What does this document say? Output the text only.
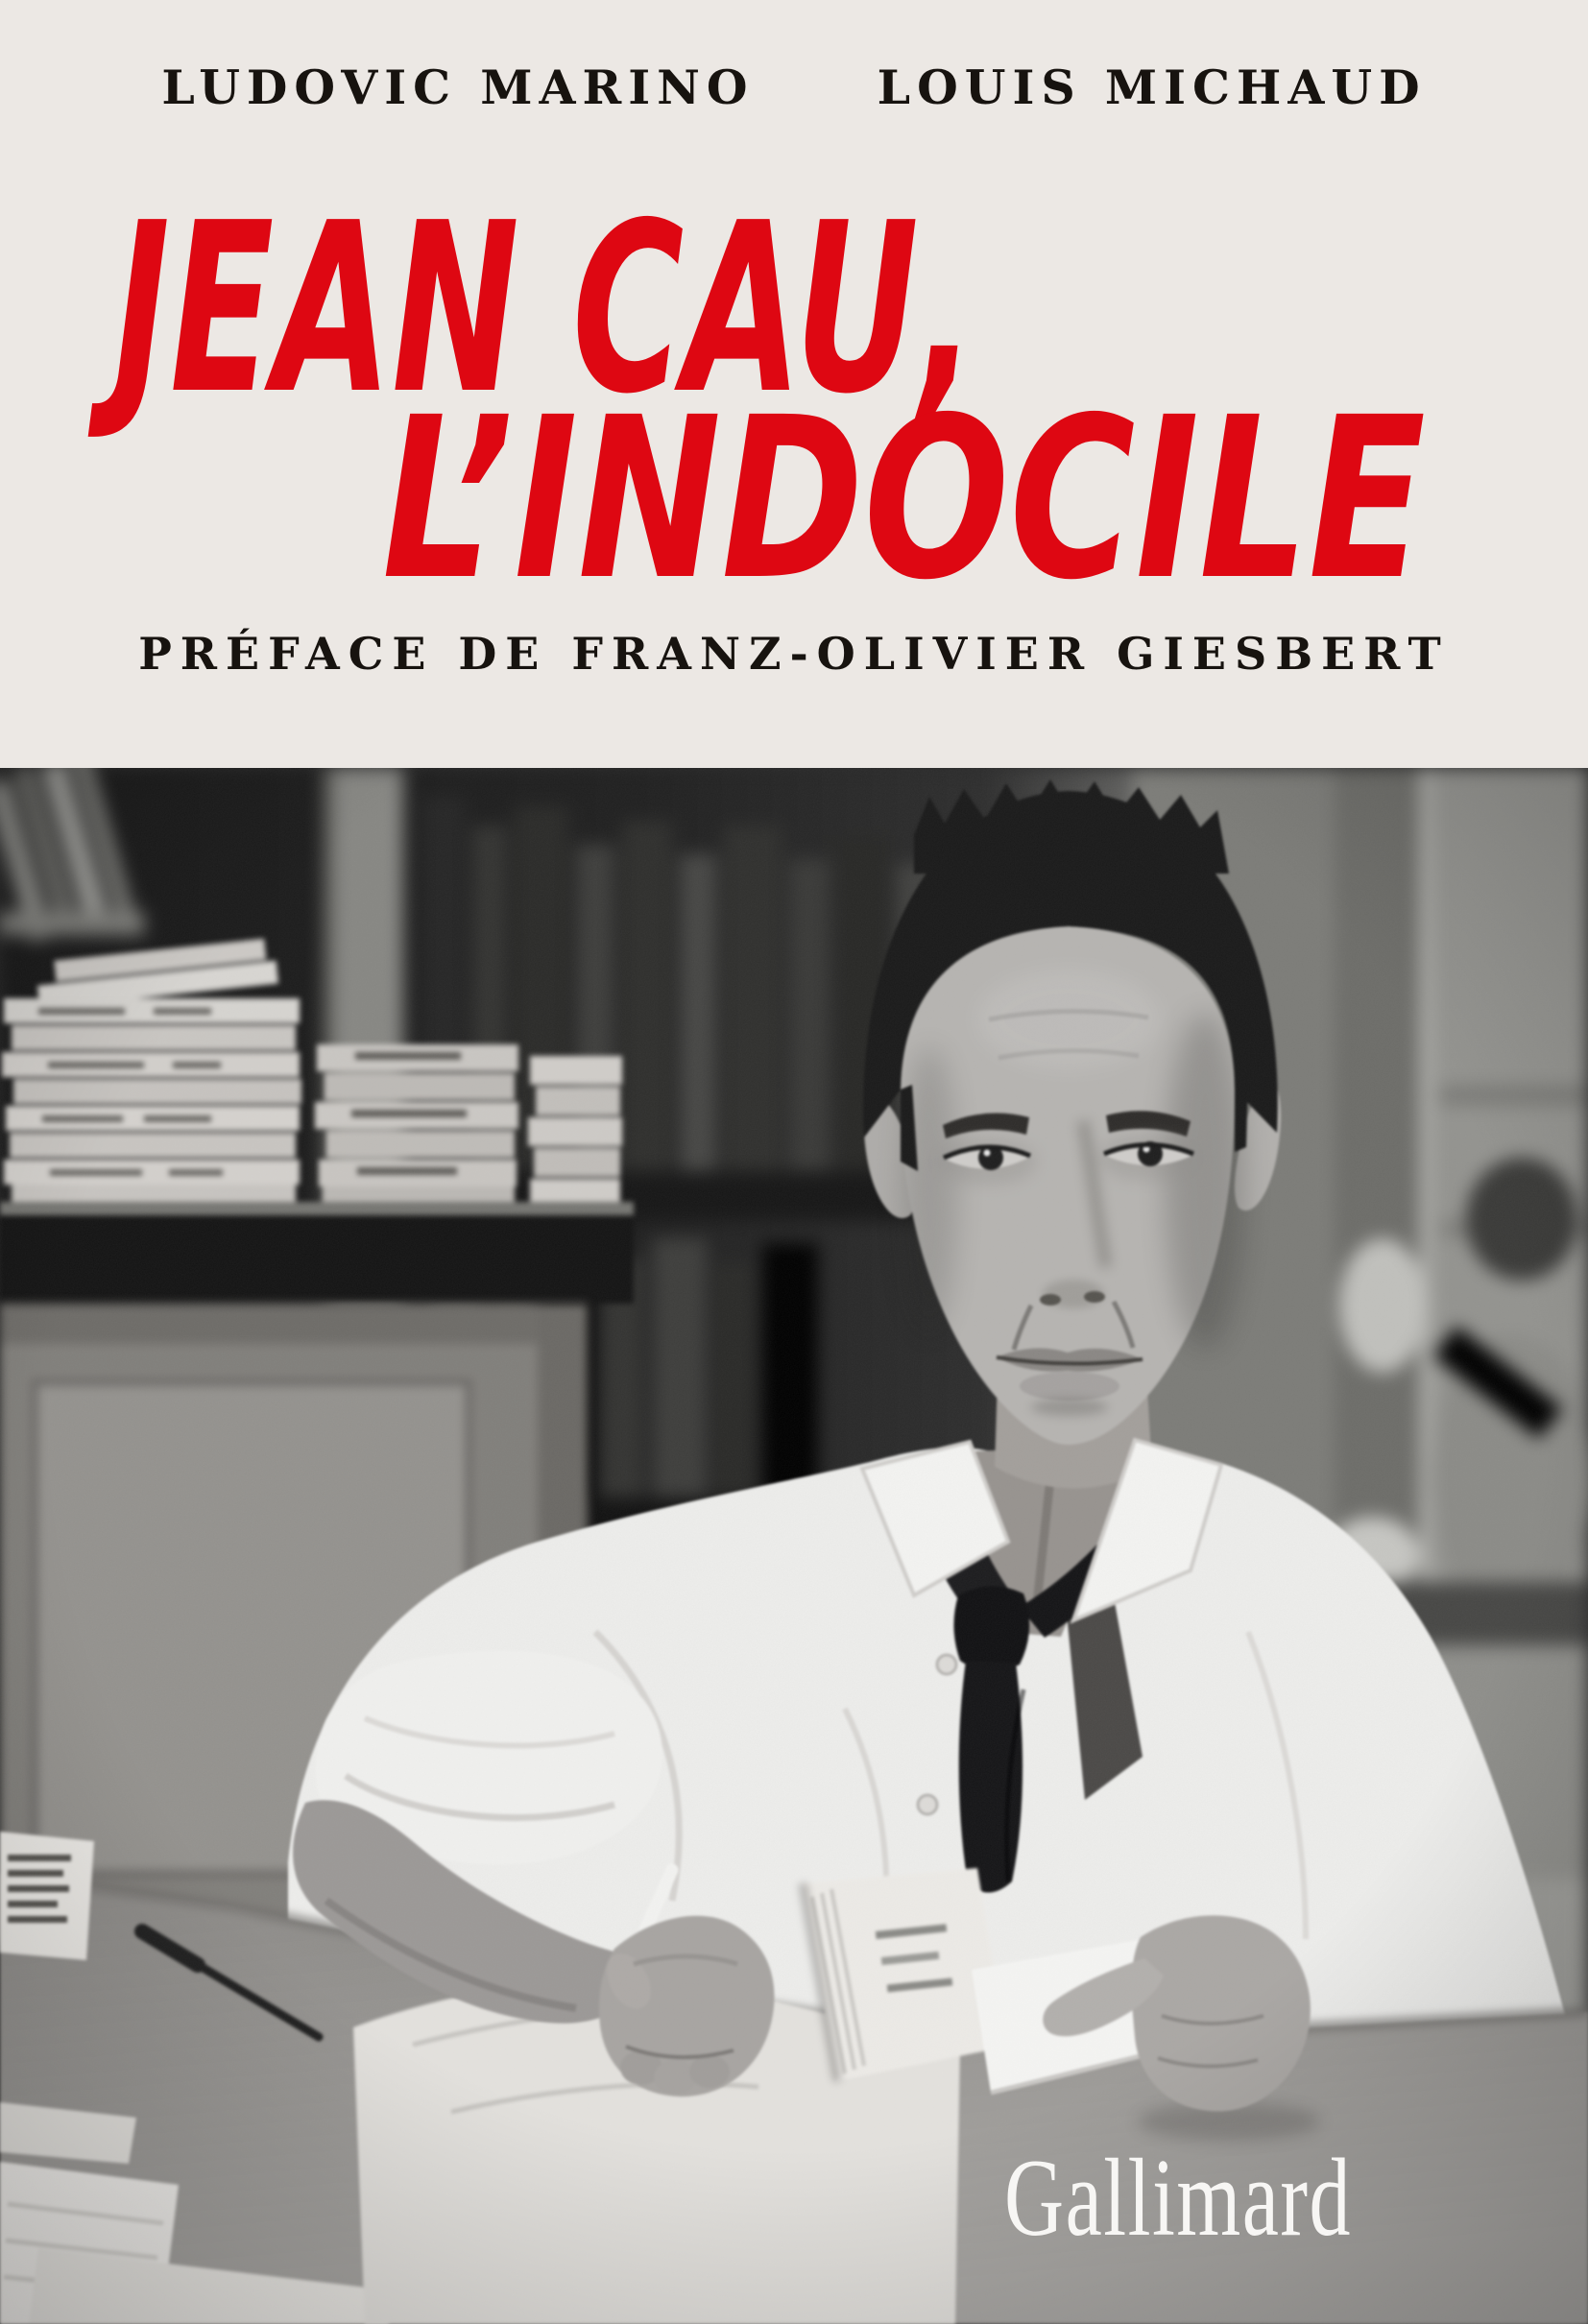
LUDOVIC MARINO	LOUIS MICHAUD
JEAN CAU,
L’INDOCILE
PRÉFACE DE FRANZ-OLIVIER GIESBERT
Gallimard
